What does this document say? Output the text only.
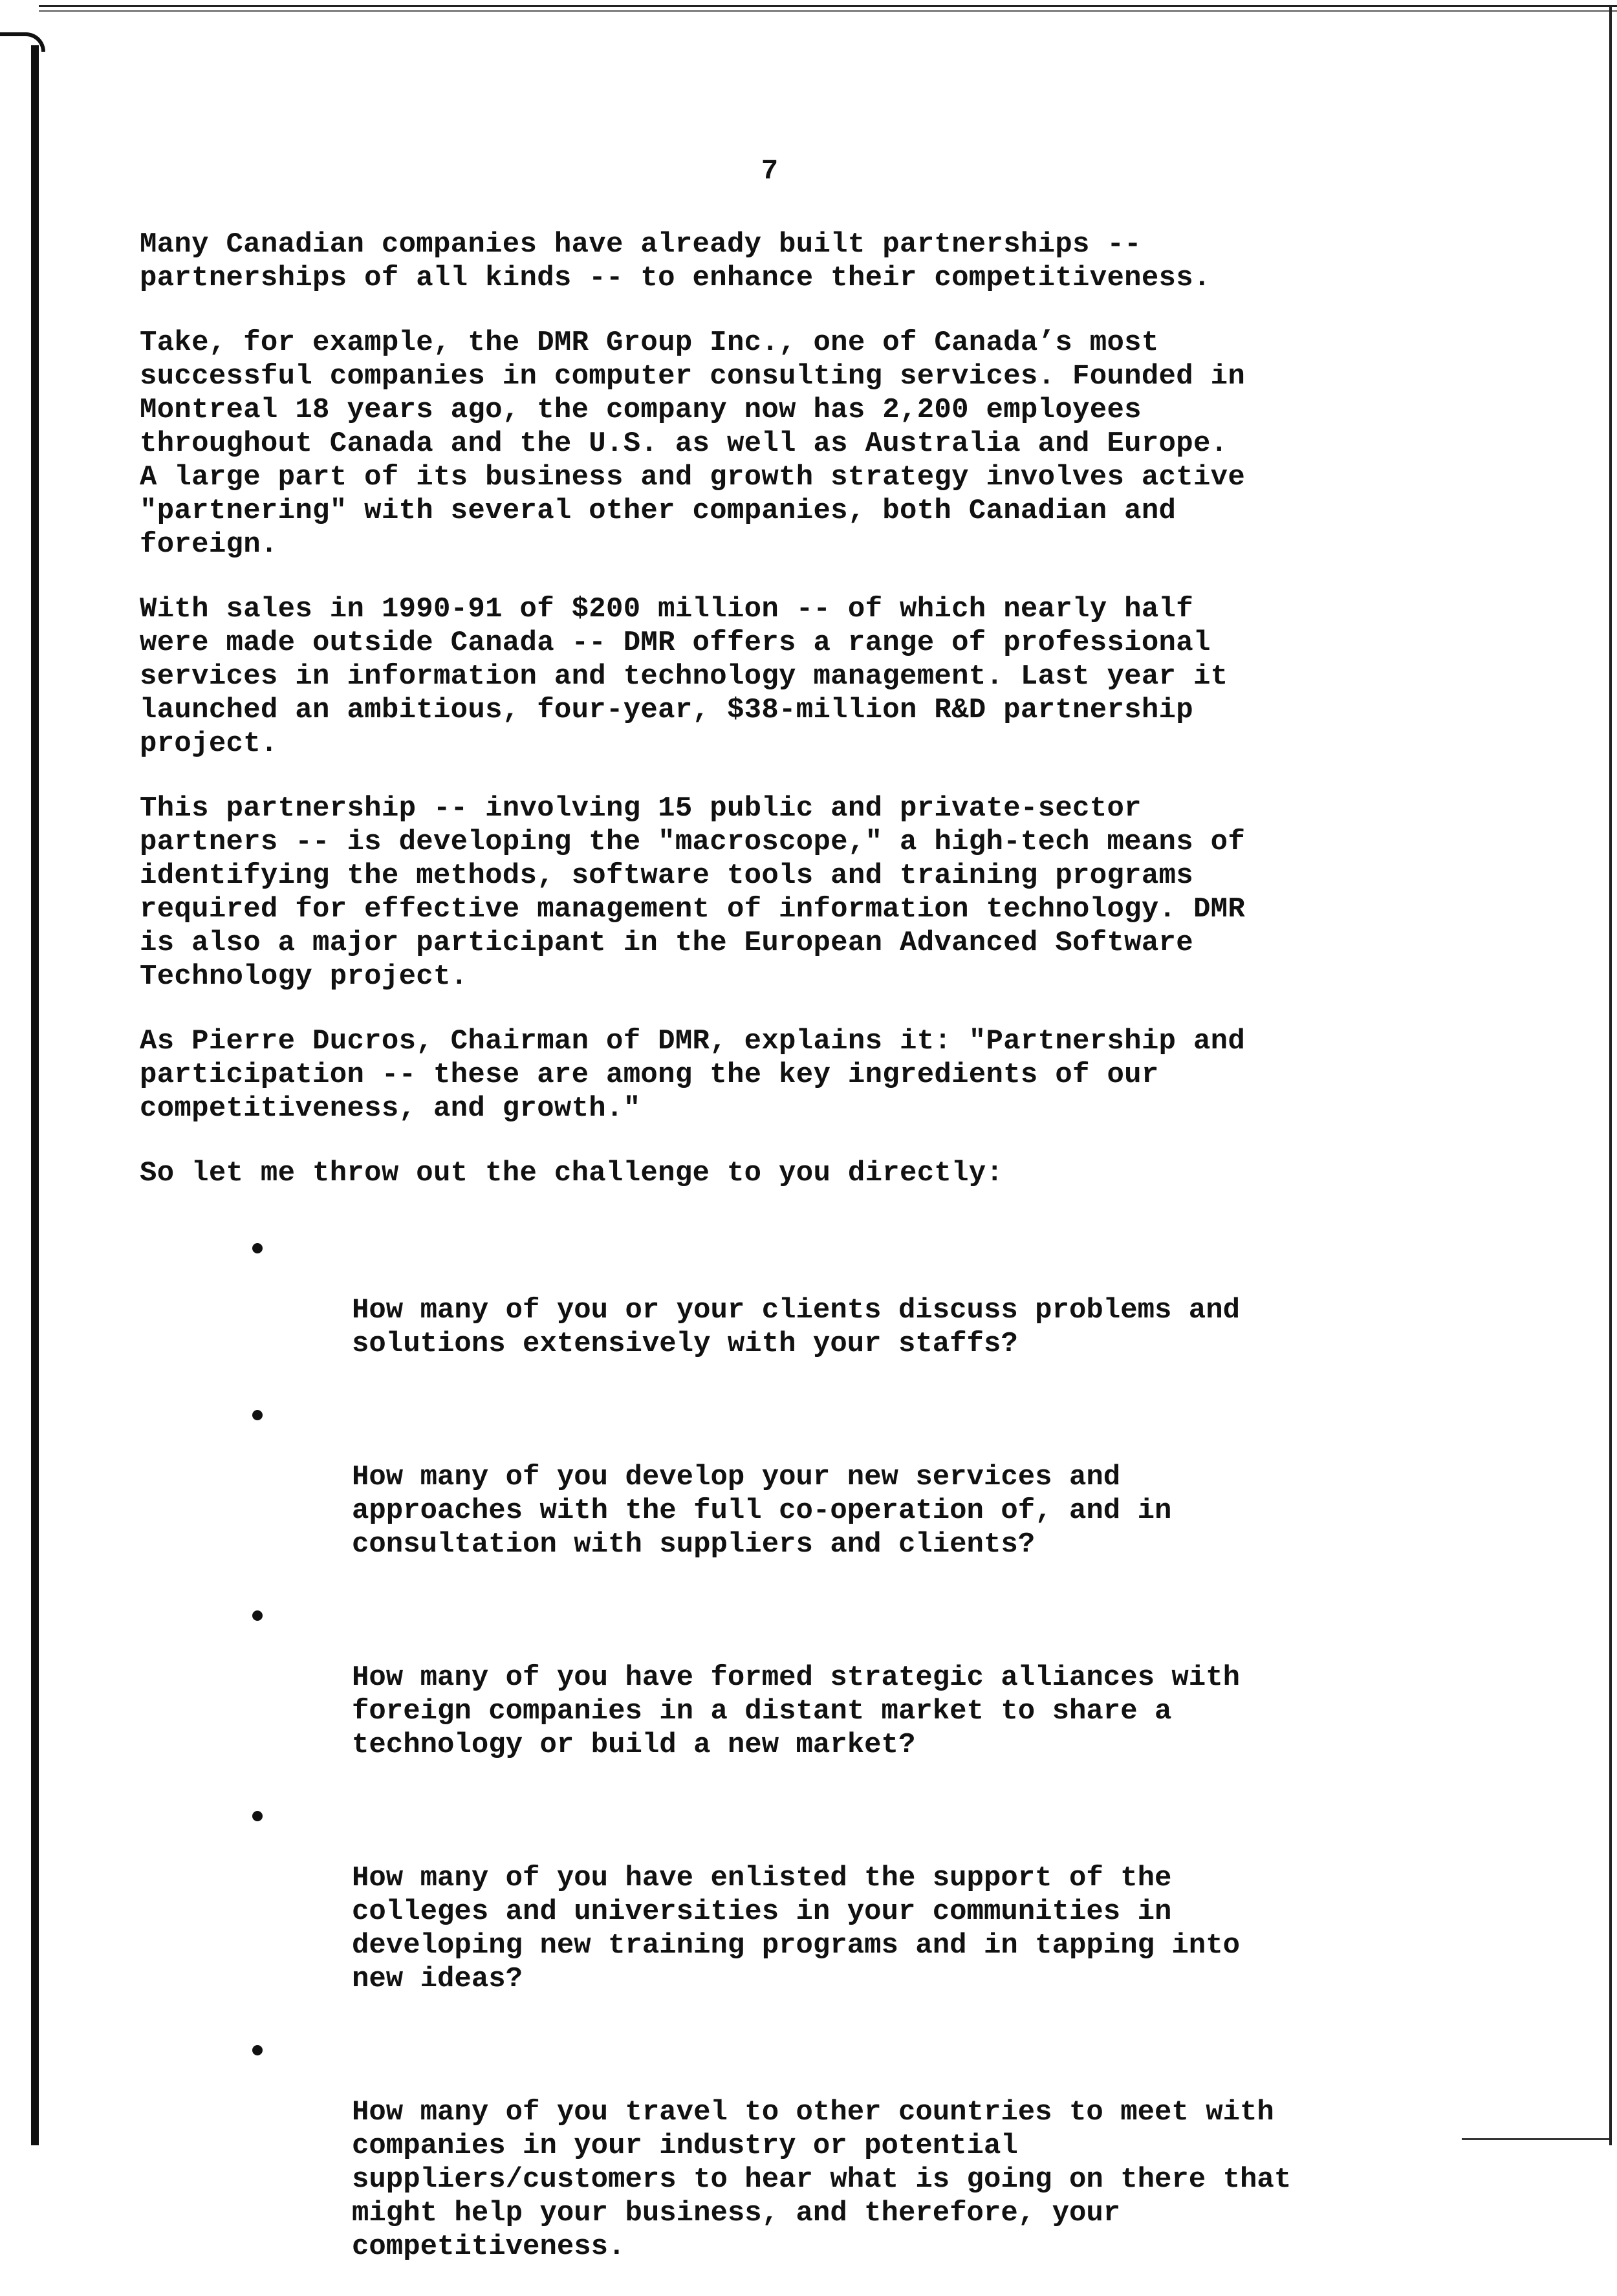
7

Many Canadian companies have already built partnerships --
partnerships of all kinds -- to enhance their competitiveness.

Take, for example, the DMR Group Inc., one of Canada’s most
successful companies in computer consulting services. Founded in
Montreal 18 years ago, the company now has 2,200 employees
throughout Canada and the U.S. as well as Australia and Europe.
A large part of its business and growth strategy involves active
"partnering" with several other companies, both Canadian and
foreign.

With sales in 1990-91 of $200 million -- of which nearly half
were made outside Canada -- DMR offers a range of professional
services in information and technology management. Last year it
launched an ambitious, four-year, $38-million R&D partnership
project.

This partnership -- involving 15 public and private-sector
partners -- is developing the "macroscope," a high-tech means of
identifying the methods, software tools and training programs
required for effective management of information technology. DMR
is also a major participant in the European Advanced Software
Technology project.

As Pierre Ducros, Chairman of DMR, explains it: "Partnership and
participation -- these are among the key ingredients of our
competitiveness, and growth."

So let me throw out the challenge to you directly:

How many of you or your clients discuss problems and
solutions extensively with your staffs?

How many of you develop your new services and
approaches with the full co-operation of, and in
consultation with suppliers and clients?

How many of you have formed strategic alliances with
foreign companies in a distant market to share a
technology or build a new market?

How many of you have enlisted the support of the
colleges and universities in your communities in
developing new training programs and in tapping into
new ideas?

How many of you travel to other countries to meet with
companies in your industry or potential
suppliers/customers to hear what is going on there that
might help your business, and therefore, your
competitiveness.
